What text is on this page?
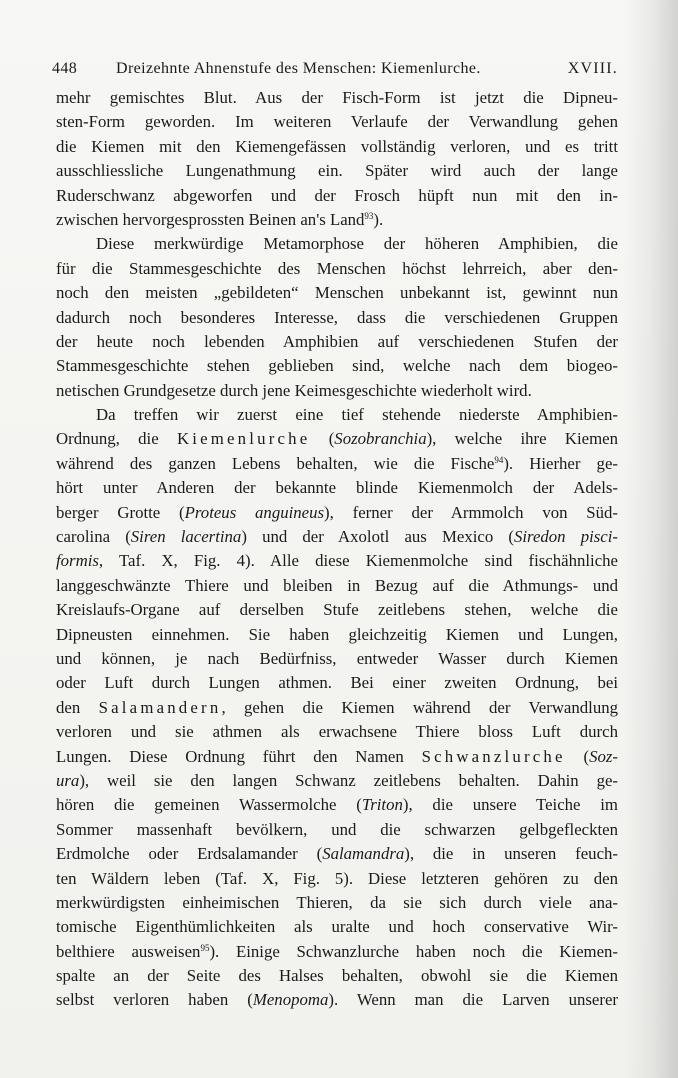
448	Dreizehnte Ahnenstufe des Menschen: Kiemenlurche.	XVIII.
mehr gemischtes Blut. Aus der Fisch-Form ist jetzt die Dipneu-
sten-Form geworden. Im weiteren Verlaufe der Verwandlung gehen
die Kiemen mit den Kiemengefässen vollständig verloren, und es tritt
ausschliessliche Lungenathmung ein. Später wird auch der lange
Ruderschwanz abgeworfen und der Frosch hüpft nun mit den in-
zwischen hervorgesprossten Beinen an's Land$^{93}$).
Diese merkwürdige Metamorphose der höheren Amphibien, die
für die Stammesgeschichte des Menschen höchst lehrreich, aber den-
noch den meisten „gebildeten“ Menschen unbekannt ist, gewinnt nun
dadurch noch besonderes Interesse, dass die verschiedenen Gruppen
der heute noch lebenden Amphibien auf verschiedenen Stufen der
Stammesgeschichte stehen geblieben sind, welche nach dem biogeo-
netischen Grundgesetze durch jene Keimesgeschichte wiederholt wird.
Da treffen wir zuerst eine tief stehende niederste Amphibien-
Ordnung, die Kiemenlurche (Sozobranchia), welche ihre Kiemen
während des ganzen Lebens behalten, wie die Fische$^{94}$). Hierher ge-
hört unter Anderen der bekannte blinde Kiemenmolch der Adels-
berger Grotte (Proteus anguineus), ferner der Armmolch von Süd-
carolina (Siren lacertina) und der Axolotl aus Mexico (Siredon pisci-
formis, Taf. X, Fig. 4). Alle diese Kiemenmolche sind fischähnliche
langgeschwänzte Thiere und bleiben in Bezug auf die Athmungs- und
Kreislaufs-Organe auf derselben Stufe zeitlebens stehen, welche die
Dipneusten einnehmen. Sie haben gleichzeitig Kiemen und Lungen,
und können, je nach Bedürfniss, entweder Wasser durch Kiemen
oder Luft durch Lungen athmen. Bei einer zweiten Ordnung, bei
den Salamandern, gehen die Kiemen während der Verwandlung
verloren und sie athmen als erwachsene Thiere bloss Luft durch
Lungen. Diese Ordnung führt den Namen Schwanzlurche (Soz-
ura), weil sie den langen Schwanz zeitlebens behalten. Dahin ge-
hören die gemeinen Wassermolche (Triton), die unsere Teiche im
Sommer massenhaft bevölkern, und die schwarzen gelbgefleckten
Erdmolche oder Erdsalamander (Salamandra), die in unseren feuch-
ten Wäldern leben (Taf. X, Fig. 5). Diese letzteren gehören zu den
merkwürdigsten einheimischen Thieren, da sie sich durch viele ana-
tomische Eigenthümlichkeiten als uralte und hoch conservative Wir-
belthiere ausweisen$^{95}$). Einige Schwanzlurche haben noch die Kiemen-
spalte an der Seite des Halses behalten, obwohl sie die Kiemen
selbst verloren haben (Menopoma). Wenn man die Larven unserer
